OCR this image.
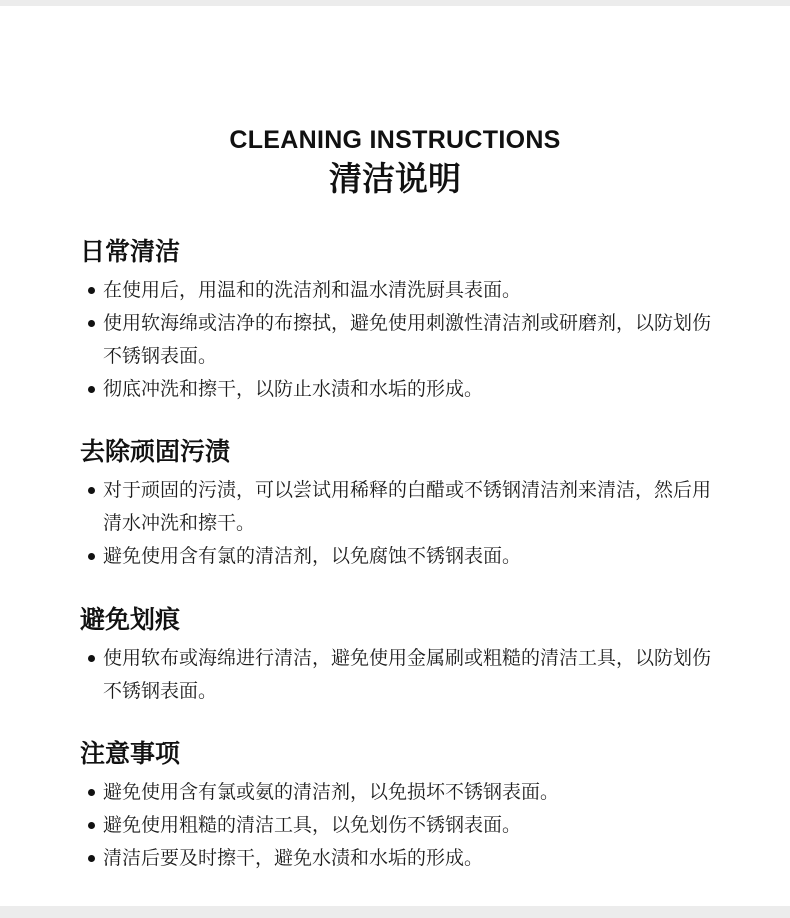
CLEANING INSTRUCTIONS
清洁说明
日常清洁
在使用后，用温和的洗洁剂和温水清洗厨具表面。
使用软海绵或洁净的布擦拭，避免使用刺激性清洁剂或研磨剂，以防划伤不锈钢表面。
彻底冲洗和擦干，以防止水渍和水垢的形成。
去除顽固污渍
对于顽固的污渍，可以尝试用稀释的白醋或不锈钢清洁剂来清洁，然后用清水冲洗和擦干。
避免使用含有氯的清洁剂，以免腐蚀不锈钢表面。
避免划痕
使用软布或海绵进行清洁，避免使用金属刷或粗糙的清洁工具，以防划伤不锈钢表面。
注意事项
避免使用含有氯或氨的清洁剂，以免损坏不锈钢表面。
避免使用粗糙的清洁工具，以免划伤不锈钢表面。
清洁后要及时擦干，避免水渍和水垢的形成。
